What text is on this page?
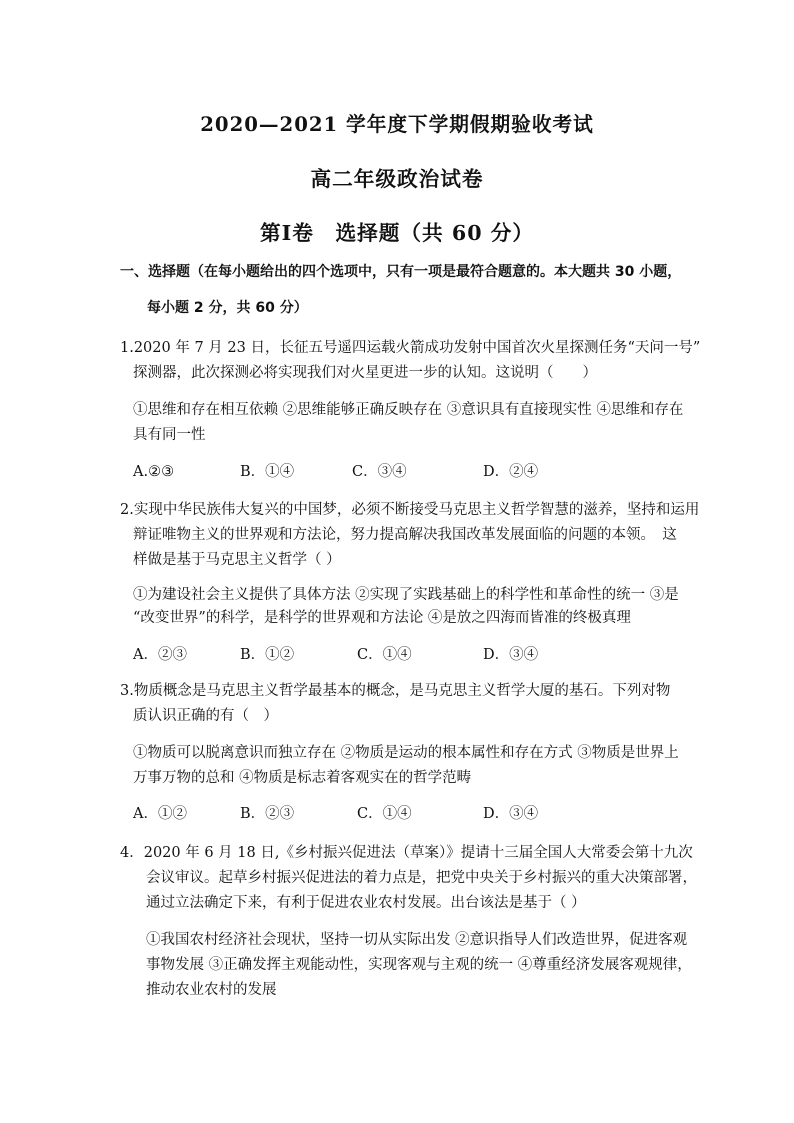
2020—2021 学年度下学期假期验收考试
高二年级政治试卷
第Ⅰ卷　选择题（共 60 分）
一、选择题（在每小题给出的四个选项中，只有一项是最符合题意的。本大题共 30 小题，
每小题 2 分，共 60 分）
1.2020 年 7 月 23 日，长征五号遥四运载火箭成功发射中国首次火星探测任务“天问一号”
探测器，此次探测必将实现我们对火星更进一步的认知。这说明（　　）
①思维和存在相互依赖 ②思维能够正确反映存在 ③意识具有直接现实性 ④思维和存在
具有同一性
A.②③	B．①④	C．③④	D．②④
2.实现中华民族伟大复兴的中国梦，必须不断接受马克思主义哲学智慧的滋养，坚持和运用
辩证唯物主义的世界观和方法论，努力提高解决我国改革发展面临的问题的本领。　这
样做是基于马克思主义哲学（ ）
①为建设社会主义提供了具体方法 ②实现了实践基础上的科学性和革命性的统一 ③是
“改变世界”的科学，是科学的世界观和方法论 ④是放之四海而皆准的终极真理
A．②③	B．①②	C．①④	D．③④
3.物质概念是马克思主义哲学最基本的概念，是马克思主义哲学大厦的基石。下列对物
质认识正确的有（　）
①物质可以脱离意识而独立存在 ②物质是运动的根本属性和存在方式 ③物质是世界上
万事万物的总和 ④物质是标志着客观实在的哲学范畴
A．①②	B．②③	C．①④	D．③④
4．2020 年 6 月 18 日,《乡村振兴促进法（草案）》提请十三届全国人大常委会第十九次
会议审议。起草乡村振兴促进法的着力点是，把党中央关于乡村振兴的重大决策部署，
通过立法确定下来，有利于促进农业农村发展。出台该法是基于（ ）
①我国农村经济社会现状，坚持一切从实际出发 ②意识指导人们改造世界，促进客观
事物发展 ③正确发挥主观能动性，实现客观与主观的统一 ④尊重经济发展客观规律，
推动农业农村的发展
